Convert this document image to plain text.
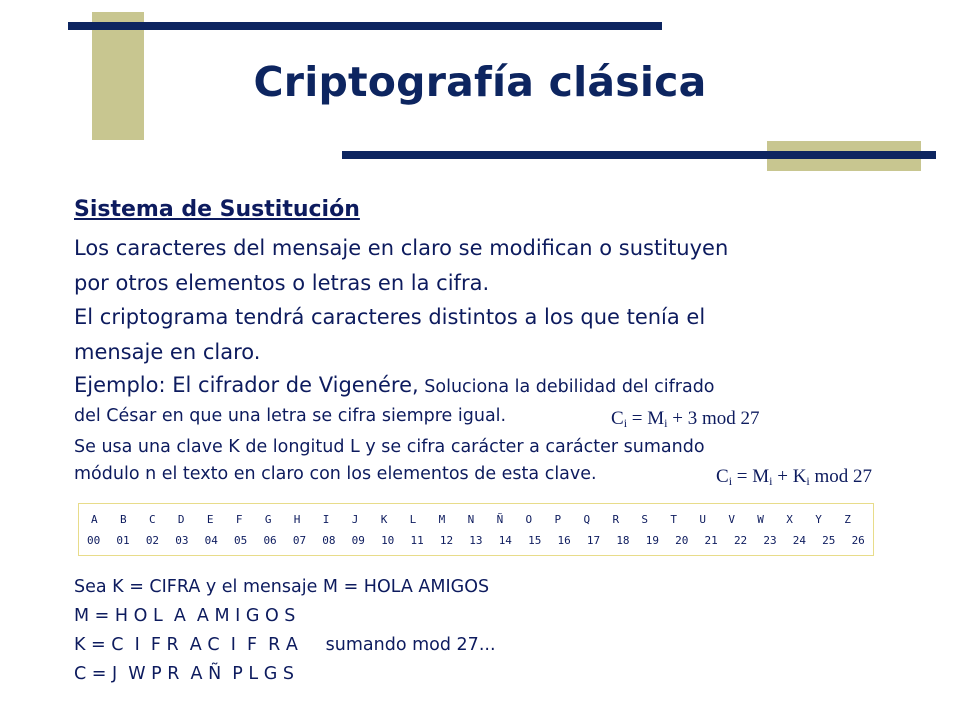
Criptografía clásica
Sistema de Sustitución
Los caracteres del mensaje en claro se modifican o sustituyen
por otros elementos o letras en la cifra.
El criptograma tendrá caracteres distintos a los que tenía el
mensaje en claro.
Ejemplo: El cifrador de Vigenére, Soluciona la debilidad del cifrado
del César en que una letra se cifra siempre igual.	$C_i = M_i + 3$ mod 27
Se usa una clave K de longitud L y se cifra carácter a carácter sumando
módulo n el texto en claro con los elementos de esta clave.	$C_i = M_i + K_i$ mod 27
A B C D E F G H I J K L M N Ñ O P Q R S T U V W X Y Z
00 01 02 03 04 05 06 07 08 09 10 11 12 13 14 15 16 17 18 19 20 21 22 23 24 25 26
Sea K = CIFRA y el mensaje M = HOLA AMIGOS
M = H O L  A  A M I G O S
K = C  I  F R  A C  I  F  R A     sumando mod 27...
C = J  W P R  A Ñ  P L G S
